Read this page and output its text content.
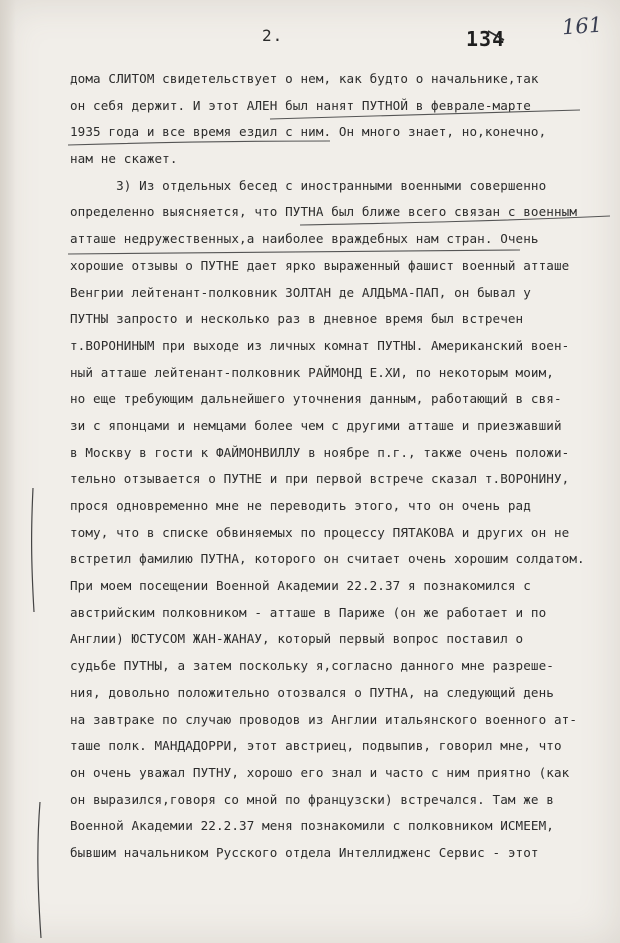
2.	134	161
дома СЛИТОМ свидетельствует о нем, как будто о начальнике,так
он себя держит. И этот АЛЕН был нанят ПУТНОЙ в феврале-марте
1935 года и все время ездил с ним. Он много знает, но,конечно,
нам не скажет.
3) Из отдельных бесед с иностранными военными совершенно
определенно выясняется, что ПУТНА был ближе всего связан с военным
атташе недружественных,а наиболее враждебных нам стран. Очень
хорошие отзывы о ПУТНЕ дает ярко выраженный фашист военный атташе
Венгрии лейтенант-полковник ЗОЛТАН де АЛДЬМА-ПАП, он бывал у
ПУТНЫ запросто и несколько раз в дневное время был встречен
т.ВОРОНИНЫМ при выходе из личных комнат ПУТНЫ. Американский воен-
ный атташе лейтенант-полковник РАЙМОНД Е.ХИ, по некоторым моим,
но еще требующим дальнейшего уточнения данным, работающий в свя-
зи с японцами и немцами более чем с другими атташе и приезжавший
в Москву в гости к ФАЙМОНВИЛЛУ в ноябре п.г., также очень положи-
тельно отзывается о ПУТНЕ и при первой встрече сказал т.ВОРОНИНУ,
прося одновременно мне не переводить этого, что он очень рад
тому, что в списке обвиняемых по процессу ПЯТАКОВА и других он не
встретил фамилию ПУТНА, которого он считает очень хорошим солдатом.
При моем посещении Военной Академии 22.2.37 я познакомился с
австрийским полковником - атташе в Париже (он же работает и по
Англии) ЮСТУСОМ ЖАН-ЖАНАУ, который первый вопрос поставил о
судьбе ПУТНЫ, а затем поскольку я,согласно данного мне разреше-
ния, довольно положительно отозвался о ПУТНА, на следующий день
на завтраке по случаю проводов из Англии итальянского военного ат-
таше полк. МАНДАДОРРИ, этот австриец, подвыпив, говорил мне, что
он очень уважал ПУТНУ, хорошо его знал и часто с ним приятно (как
он выразился,говоря со мной по французски) встречался. Там же в
Военной Академии 22.2.37 меня познакомили с полковником ИСМЕЕМ,
бывшим начальником Русского отдела Интеллидженс Сервис - этот
